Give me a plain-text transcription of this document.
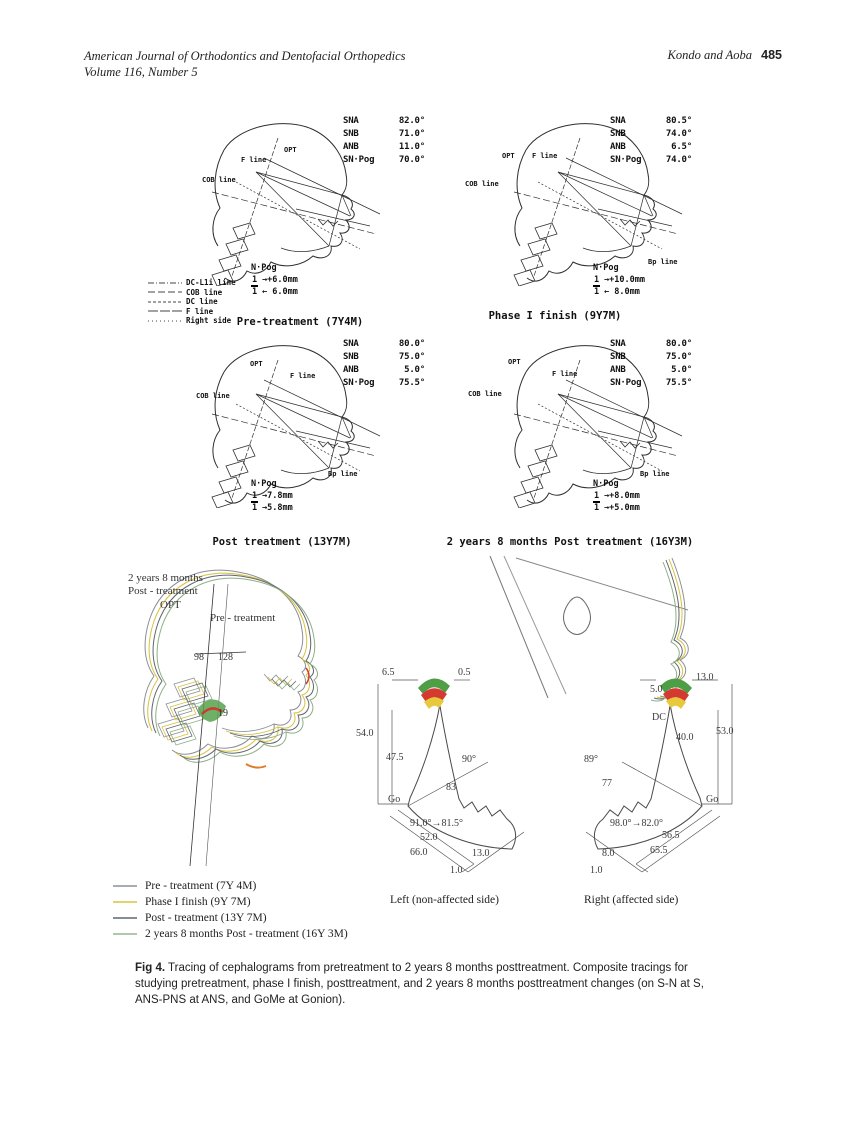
American Journal of Orthodontics and Dentofacial Orthopedics
Volume 116, Number 5
Kondo and Aoba 485
OPT
F line
COB line
SNA	82.0°
SNB	71.0°
ANB	11.0°
SN·Pog	70.0°
N·Pog
1 →+6.0mm
1 ← 6.0mm
DC-L1i line
COB line
DC line
F line
Right side Pre-treatment (7Y4M)
OPT F line
COB line
Bp line
SNA	80.5°
SNB	74.0°
ANB	6.5°
SN·Pog	74.0°
N·Pog
1 →+10.0mm
1 ← 8.0mm
Phase I finish (9Y7M)
OPT
F line
COB line
Bp line
SNA	80.0°
SNB	75.0°
ANB	5.0°
SN·Pog	75.5°
N·Pog
1 →7.8mm
1 →5.8mm
Post treatment (13Y7M)
OPT
F line
COB line
Bp line
SNA	80.0°
SNB	75.0°
ANB	5.0°
SN·Pog	75.5°
N·Pog
1 →+8.0mm
1 →+5.0mm
2 years 8 months Post treatment (16Y3M)
2 years 8 months
Post - treatment
OPT
Pre - treatment
98 128
19
6.5	0.5
54.0
47.5
Go
90°
83
91.0°→81.5°
52.0
66.0	13.0
1.0
Left (non-affected side)
5.0
13.0
DC
40.0
53.0
89°
Go
77
98.0°→82.0°
56.5
65.5
8.0
1.0
Right (affected side)
Pre - treatment (7Y 4M)
Phase I finish (9Y 7M)
Post - treatment (13Y 7M)
2 years 8 months Post - treatment (16Y 3M)

Fig 4. Tracing of cephalograms from pretreatment to 2 years 8 months posttreatment. Composite tracings for studying pretreatment, phase I finish, posttreatment, and 2 years 8 months posttreatment changes (on S-N at S, ANS-PNS at ANS, and GoMe at Gonion).
